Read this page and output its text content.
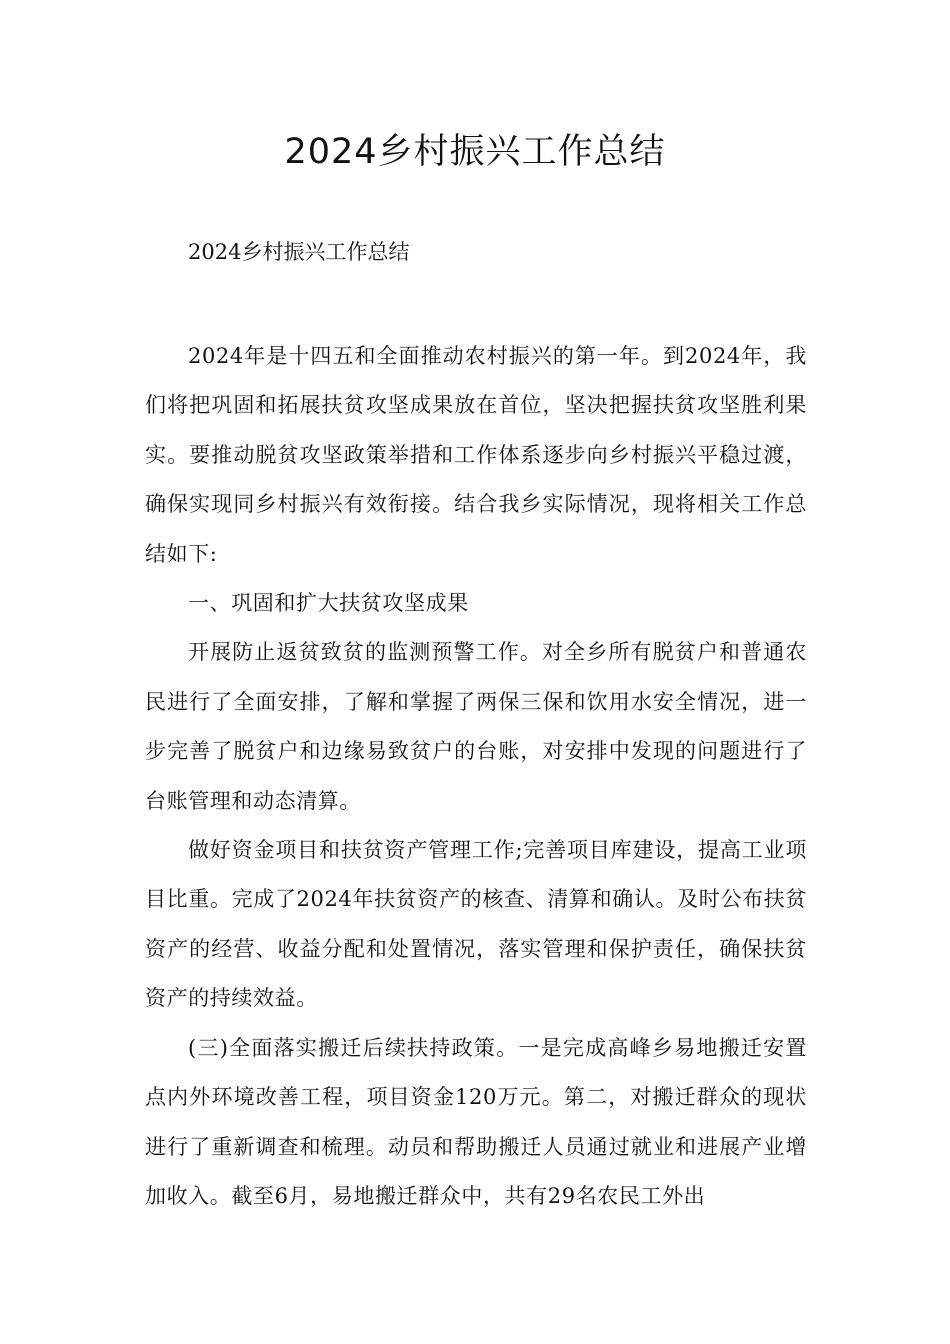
2024乡村振兴工作总结

2024乡村振兴工作总结

2024年是十四五和全面推动农村振兴的第一年。到2024年，我们将把巩固和拓展扶贫攻坚成果放在首位，坚决把握扶贫攻坚胜利果实。要推动脱贫攻坚政策举措和工作体系逐步向乡村振兴平稳过渡，确保实现同乡村振兴有效衔接。结合我乡实际情况，现将相关工作总结如下:

一、巩固和扩大扶贫攻坚成果

开展防止返贫致贫的监测预警工作。对全乡所有脱贫户和普通农民进行了全面安排，了解和掌握了两保三保和饮用水安全情况，进一步完善了脱贫户和边缘易致贫户的台账，对安排中发现的问题进行了台账管理和动态清算。

做好资金项目和扶贫资产管理工作;完善项目库建设，提高工业项目比重。完成了2024年扶贫资产的核查、清算和确认。及时公布扶贫资产的经营、收益分配和处置情况，落实管理和保护责任，确保扶贫资产的持续效益。

(三)全面落实搬迁后续扶持政策。一是完成高峰乡易地搬迁安置点内外环境改善工程，项目资金120万元。第二，对搬迁群众的现状进行了重新调查和梳理。动员和帮助搬迁人员通过就业和进展产业增加收入。截至6月，易地搬迁群众中，共有29名农民工外出
